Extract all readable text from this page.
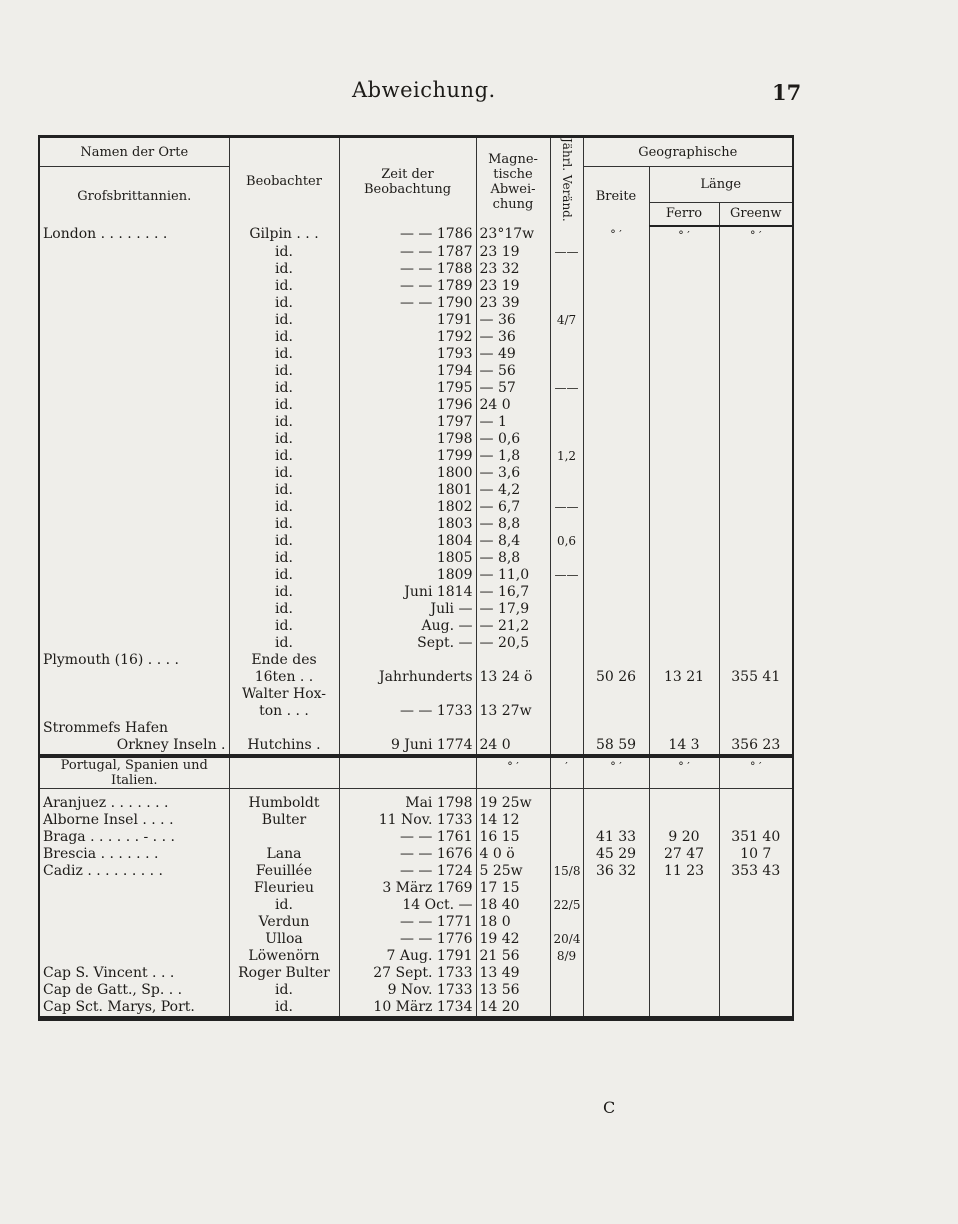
Abweichung.	17
Namen der Orte	Beobachter	Zeit der Beobachtung	Magne- tische Abwei- chung	Jährl. Veränd.	Geographische		
Grofsbrittannien.					Breite	Länge	
						Ferro	Greenw
London . . . . . . . .	Gilpin . . .	— — 1786	23°17w		° ′	° ′	° ′
	id.	— — 1787	23 19	——			
	id.	— — 1788	23 32				
	id.	— — 1789	23 19				
	id.	— — 1790	23 39				
	id.	1791	— 36	4/7			
	id.	1792	— 36				
	id.	1793	— 49				
	id.	1794	— 56				
	id.	1795	— 57	——			
	id.	1796	24 0				
	id.	1797	— 1				
	id.	1798	— 0,6				
	id.	1799	— 1,8	1,2			
	id.	1800	— 3,6				
	id.	1801	— 4,2				
	id.	1802	— 6,7	——			
	id.	1803	— 8,8				
	id.	1804	— 8,4	0,6			
	id.	1805	— 8,8				
	id.	1809	— 11,0	——			
	id.	Juni 1814	— 16,7				
	id.	Juli —	— 17,9				
	id.	Aug. —	— 21,2				
	id.	Sept. —	— 20,5				
Plymouth (16) . . . .	Ende des						
	16ten . .	Jahrhunderts	13 24 ö		50 26	13 21	355 41
	Walter Hox-						
	ton . . .	— — 1733	13 27w				
Strommefs Hafen							
Orkney Inseln .	Hutchins .	9 Juni 1774	24 0		58 59	14 3	356 23
Portugal, Spanien und Italien.			° ′	′	° ′	° ′	° ′

Aranjuez . . . . . . .	Humboldt	Mai 1798	19 25w				
Alborne Insel . . . .	Bulter	11 Nov. 1733	14 12				
Braga . . . . . . - . . .		— — 1761	16 15		41 33	9 20	351 40
Brescia . . . . . . .	Lana	— — 1676	4 0 ö		45 29	27 47	10 7
Cadiz . . . . . . . . .	Feuillée	— — 1724	5 25w	15/8	36 32	11 23	353 43
	Fleurieu	3 März 1769	17 15				
	id.	14 Oct. —	18 40	22/5			
	Verdun	— — 1771	18 0				
	Ulloa	— — 1776	19 42	20/4			
	Löwenörn	7 Aug. 1791	21 56	8/9			
Cap S. Vincent . . .	Roger Bulter	27 Sept. 1733	13 49				
Cap de Gatt., Sp. . .	id.	9 Nov. 1733	13 56				
Cap Sct. Marys, Port.	id.	10 März 1734	14 20				
C
